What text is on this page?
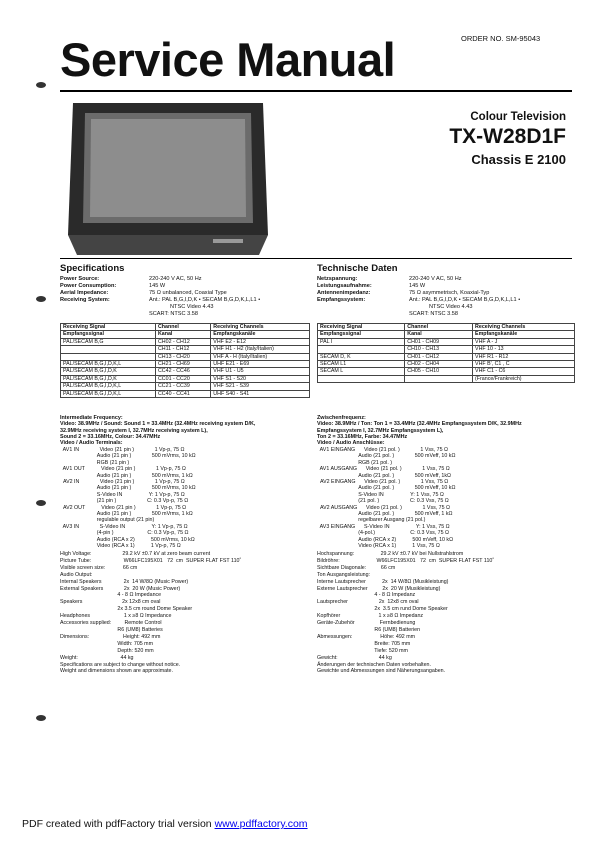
ORDER NO. SM-95043
Service Manual
Colour Television
TX-W28D1F
Chassis E 2100
Specifications
Power Source:	220-240 V AC, 50 Hz
Power Consumption:	145 W
Aerial Impedance:	75 Ω unbalanced, Coaxial Type
Receiving System:	Ant.: PAL B,G,I,D,K • SECAM B,G,D,K,L,L1 •
NTSC Video 4.43
SCART: NTSC 3.58
Receiving Signal	Channel	Receiving Channels
Empfangssignal	Kanal	Empfangskanäle
PAL/SECAM B,G	CH02 - CH12	VHF E2 - E12
	CH11 - CH12	VHF H1 - H2 (Italy/Italien)
	CH13 - CH20	VHF A - H (Italy/Italien)
PAL/SECAM B,G,I,D,K,L	CH21 - CH69	UHF E21 - E69
PAL/SECAM B,G,I,D,K	CC42 - CC46	VHF U1 - U5
PAL/SECAM B,G,I,D,K	CC01 - CC20	VHF S1 - S20
PAL/SECAM B,G,I,D,K,L	CC21 - CC39	VHF S21 - S39
PAL/SECAM B,G,I,D,K,L	CC40 - CC41	UHF S40 - S41
Intermediate Frequency:
Video: 38.9MHz / Sound: Sound 1 = 33.4MHz (32.4MHz receiving system D/K,
32.9MHz receiving system I, 32.7MHz receiving system L),
Sound 2 = 33.16MHz, Colour: 34.47MHz
Video / Audio Terminals:
AV1 IN              Video (21 pin )              1 Vp-p, 75 Ω
Audio (21 pin )              500 mVrms, 10 kΩ
RGB (21 pin )
AV1 OUT           Video (21 pin )              1 Vp-p, 75 Ω
Audio (21 pin )              500 mVrms, 1 kΩ
AV2 IN              Video (21 pin )              1 Vp-p, 75 Ω
Audio (21 pin )              500 mVrms, 10 kΩ
S-Video IN                  Y: 1 Vp-p, 75 Ω
(21 pin )                     C: 0.3 Vp-p, 75 Ω
AV2 OUT           Video (21 pin )              1 Vp-p, 75 Ω
Audio (21 pin )              500 mVrms, 1 kΩ
regulable output (21 pin)
AV3 IN              S-Video IN                  Y: 1 Vp-p, 75 Ω
(4-pin )                       C: 0.3 Vp-p, 75 Ω
Audio (RCA x 2)           500 mVrms, 10 kΩ
Video (RCA x 1)           1 Vp-p, 75 Ω
High Voltage:                     29.2 kV ±0.7 kV at zero beam current
Picture Tube:                      W66LFC195X01   72  cm  SUPER FLAT FST 110˚
Visible screen size:            66 cm
Audio Output:
Internal Speakers               2x  14 W/8Ω (Music Power)
External Speakers              2x  20 W (Music Power)
4 - 8 Ω Impedance
Speakers                           2x 12x8 cm oval
2x 3.5 cm round Dome Speaker
Headphones                       1 x ≥8 Ω Impedance
Accessories supplied:         Remote Control
R6 (UM8) Batteries
Dimensions:                       Height: 492 mm
Width: 705 mm
Depth: 520 mm
Weight:                             44 kg
Specifications are subject to change without notice.
Weight and dimensions shown are approximate.
Technische Daten
Netzspannung:	220-240 V AC, 50 Hz
Leistungsaufnahme:	145 W
Antennenimpedanz:	75 Ω asymmetrisch, Koaxial-Typ
Empfangssystem:	Ant.: PAL B,G,I,D,K • SECAM B,G,D,K,L,L1 •
NTSC Video 4.43
SCART: NTSC 3.58
Receiving Signal	Channel	Receiving Channels
Empfangssignal	Kanal	Empfangskanäle
PAL I	CH01 - CH09	VHF A - J
	CH10 - CH13	VHF 10 - 13
SECAM D, K	CH01 - CH12	VHF R1 - R12
SECAM L1	CH02 - CH04	VHF B', C1 , C
SECAM L	CH05 - CH10	VHF C1 - C6
		(France/Frankreich)
Zwischenfrequenz:
Video: 38.9MHz / Ton: Ton 1 = 33.4MHz (32.4MHz Empfangssystem D/K, 32.9MHz
Empfangssystem I, 32.7MHz Empfangssystem L),
Ton 2 = 33.16MHz, Farbe: 34.47MHz
Video / Audio Anschlüsse:
AV1 EINGANG      Video (21 pol. )              1 Vss, 75 Ω
Audio (21 pol. )              500 mVeff, 10 kΩ
RGB (21 pol. )
AV1 AUSGANG      Video (21 pol. )              1 Vss, 75 Ω
Audio (21 pol. )              500 mVeff, 1kΩ
AV2 EINGANG      Video (21 pol. )              1 Vss, 75 Ω
Audio (21 pol. )              500 mVeff, 10 kΩ
S-Video IN                  Y: 1 Vss, 75 Ω
(21 pol. )                     C: 0.3 Vss, 75 Ω
AV2 AUSGANG      Video (21 pol. )              1 Vss, 75 Ω
Audio (21 pol. )              500 mVeff, 1 kΩ
regelbarer Ausgang (21 pol.)
AV3 EINGANG      S-Video IN                  Y: 1 Vss, 75 Ω
(4-pol.)                        C: 0.3 Vss, 75 Ω
Audio (RCA x 2)           500 mVeff, 10 kΩ
Video (RCA x 1)           1 Vss, 75 Ω
Hochspannung:                  29.2 kV ±0.7 kV bei Nullstrahlstrom
Bildröhre:                         W66LFC195X01   72  cm  SUPER FLAT FST 110˚
Sichtbare Diagonale:          66 cm
Ton Ausgangsleistung:
Interne Lautsprecher           2x  14 W/8Ω (Musikleistung)
Externe Lautsprecher          2x  20 W (Musikleistung)
4 - 8 Ω Impedanz
Lautsprecher                     2x  12x8 cm oval
2x  3.5 cm rund Dome Speaker
Kopfhörer                          1 x ≥8 Ω Impedanz
Geräte-Zubehör                 Fernbedienung
R6 (UM8) Batterien
Abmessungen:                   Höhe: 492 mm
Breite: 705 mm
Tiefe: 520 mm
Gewicht:                            44 kg
Änderungen der technischen Daten vorbehalten.
Gewichte und Abmessungen sind Näherungsangaben.
PDF created with pdfFactory trial version www.pdffactory.com
